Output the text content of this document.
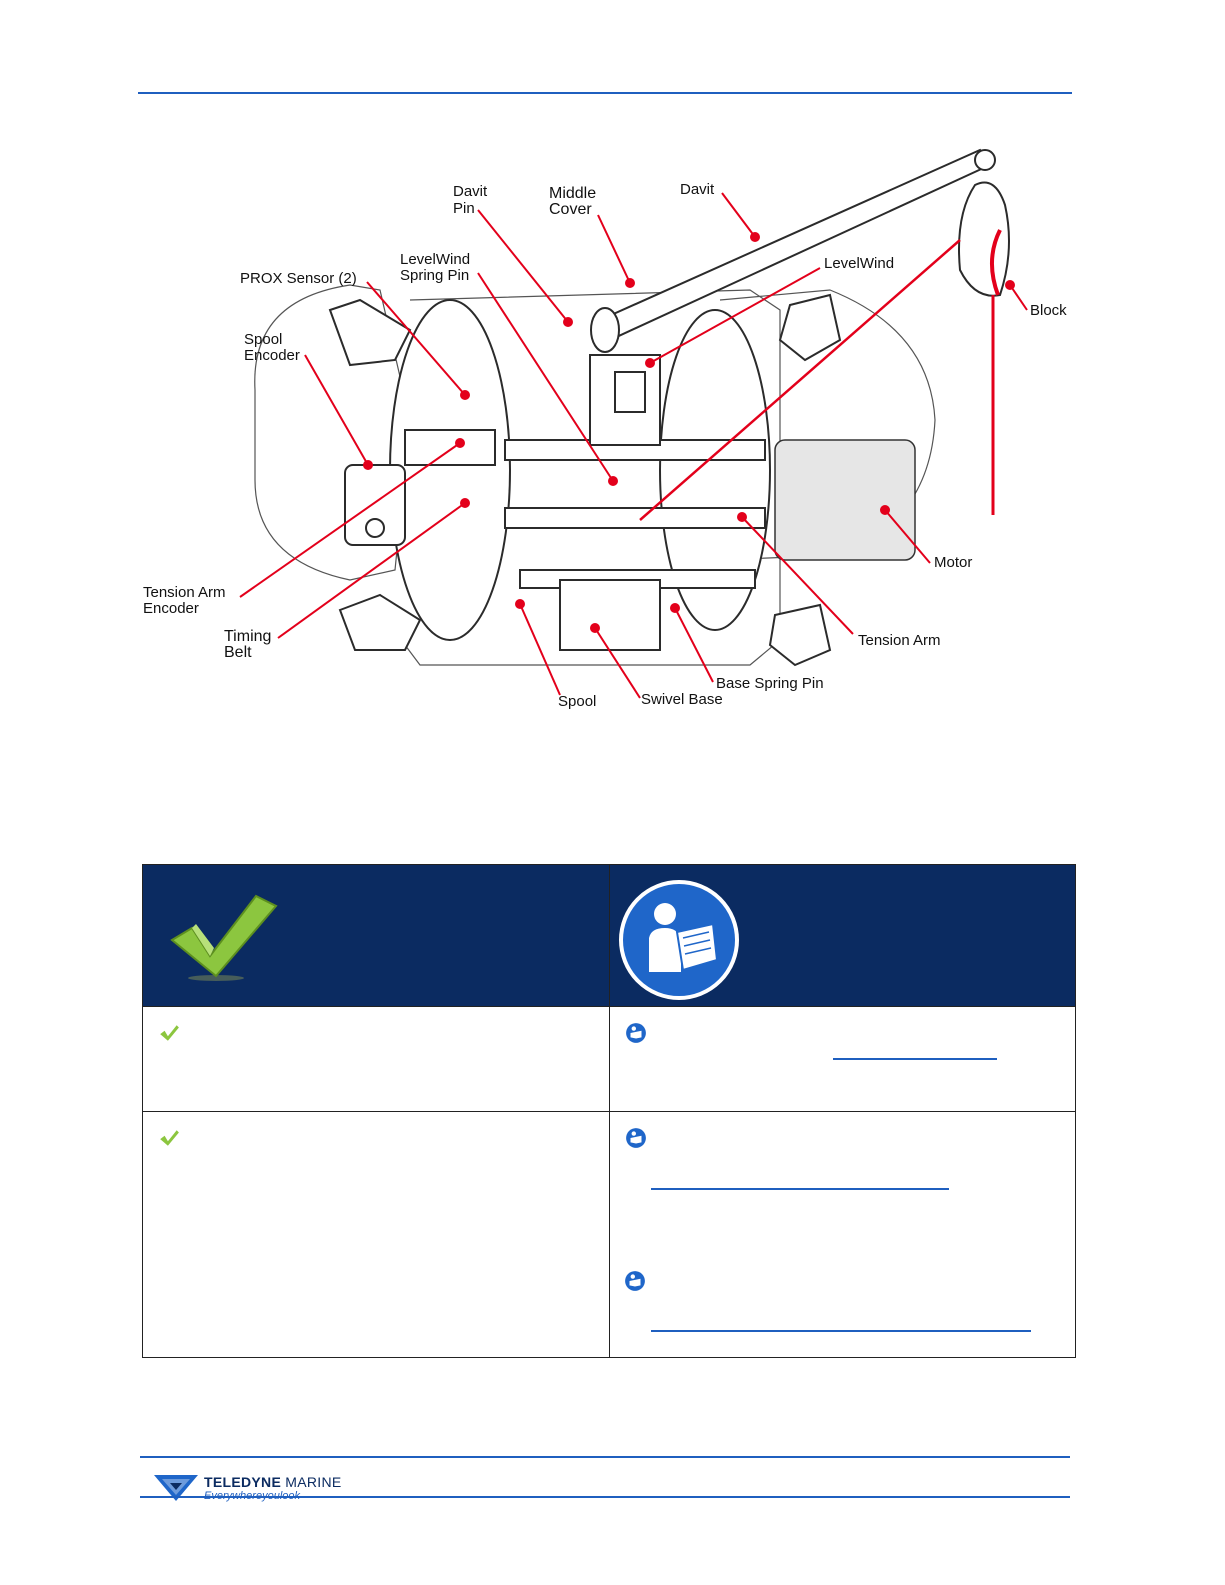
Davit
Pin
Middle
Cover
Davit
LevelWind
Spring Pin
LevelWind
PROX Sensor (2)
Spool
Encoder
Block
Motor
Tension Arm
Encoder
Timing
Belt
Tension Arm
Base Spring Pin
Spool	Swivel Base

TELEDYNE MARINE
